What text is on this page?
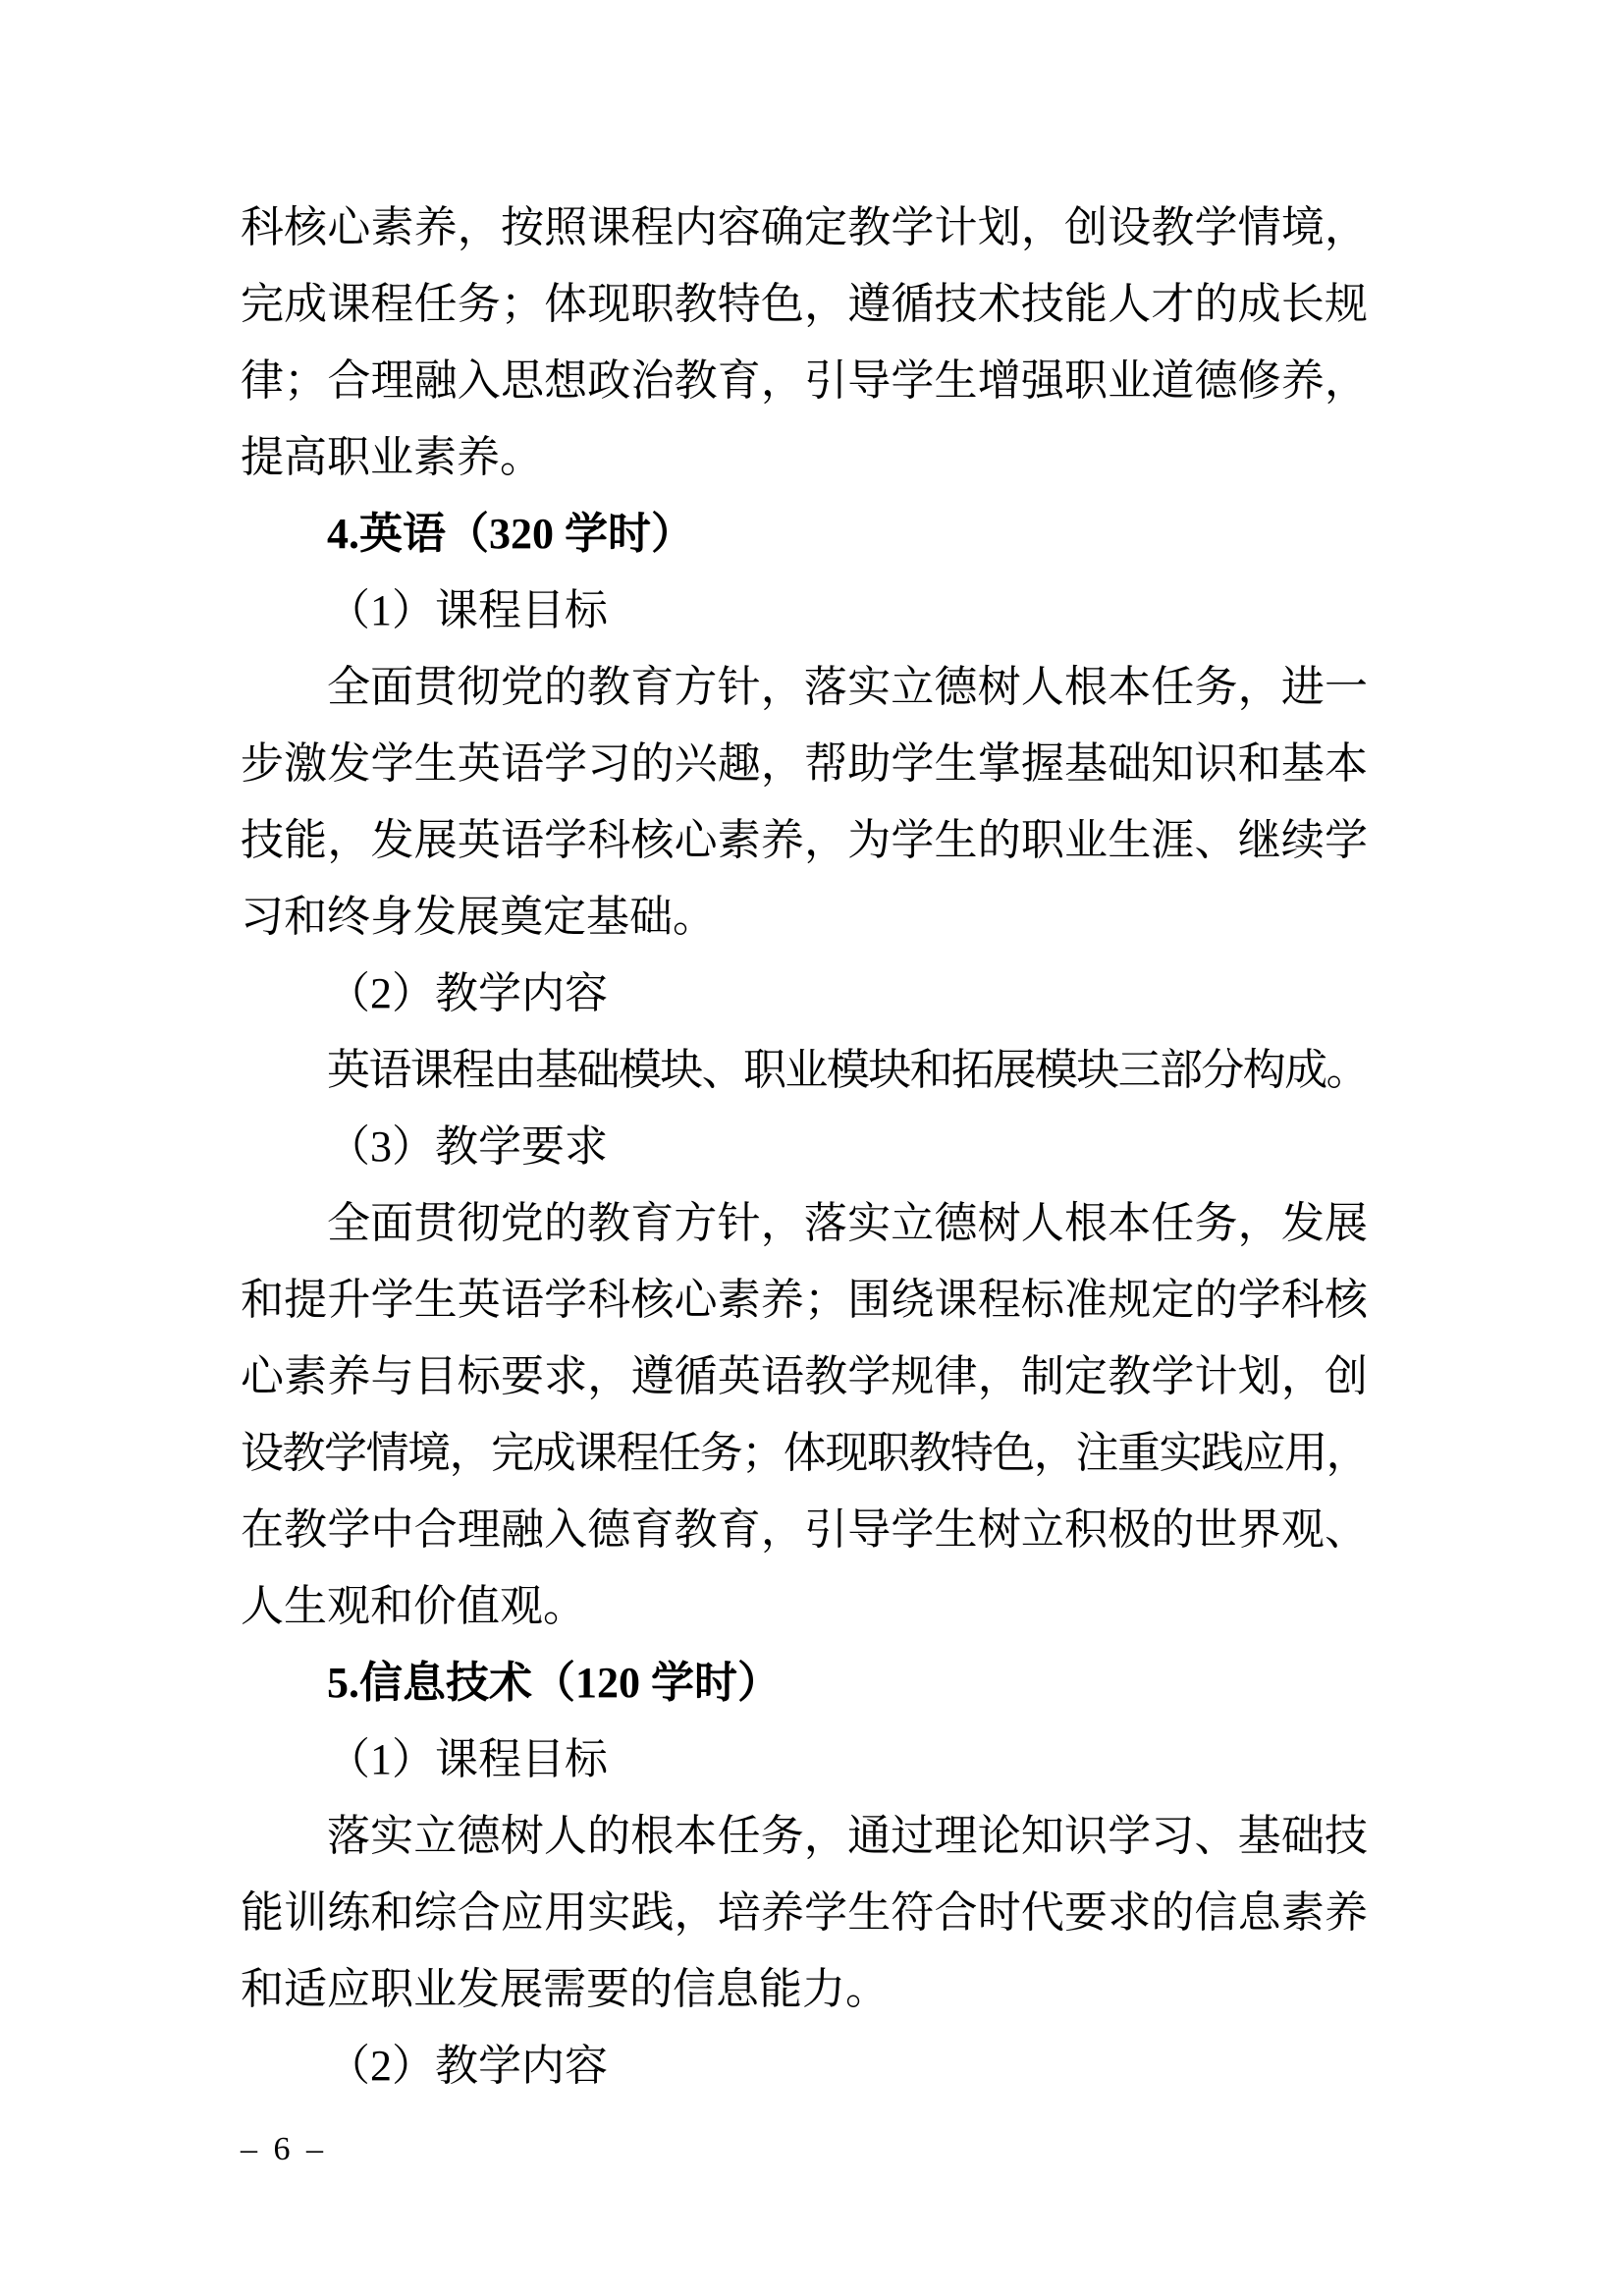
科核心素养，按照课程内容确定教学计划，创设教学情境，
完成课程任务；体现职教特色，遵循技术技能人才的成长规
律；合理融入思想政治教育，引导学生增强职业道德修养，
提高职业素养。
4.英语（320 学时）
（1）课程目标
全面贯彻党的教育方针，落实立德树人根本任务，进一
步激发学生英语学习的兴趣，帮助学生掌握基础知识和基本
技能，发展英语学科核心素养，为学生的职业生涯、继续学
习和终身发展奠定基础。
（2）教学内容
英语课程由基础模块、职业模块和拓展模块三部分构成。
（3）教学要求
全面贯彻党的教育方针，落实立德树人根本任务，发展
和提升学生英语学科核心素养；围绕课程标准规定的学科核
心素养与目标要求，遵循英语教学规律，制定教学计划，创
设教学情境，完成课程任务；体现职教特色，注重实践应用，
在教学中合理融入德育教育，引导学生树立积极的世界观、
人生观和价值观。
5.信息技术（120 学时）
（1）课程目标
落实立德树人的根本任务，通过理论知识学习、基础技
能训练和综合应用实践，培养学生符合时代要求的信息素养
和适应职业发展需要的信息能力。
（2）教学内容
– 6 –
